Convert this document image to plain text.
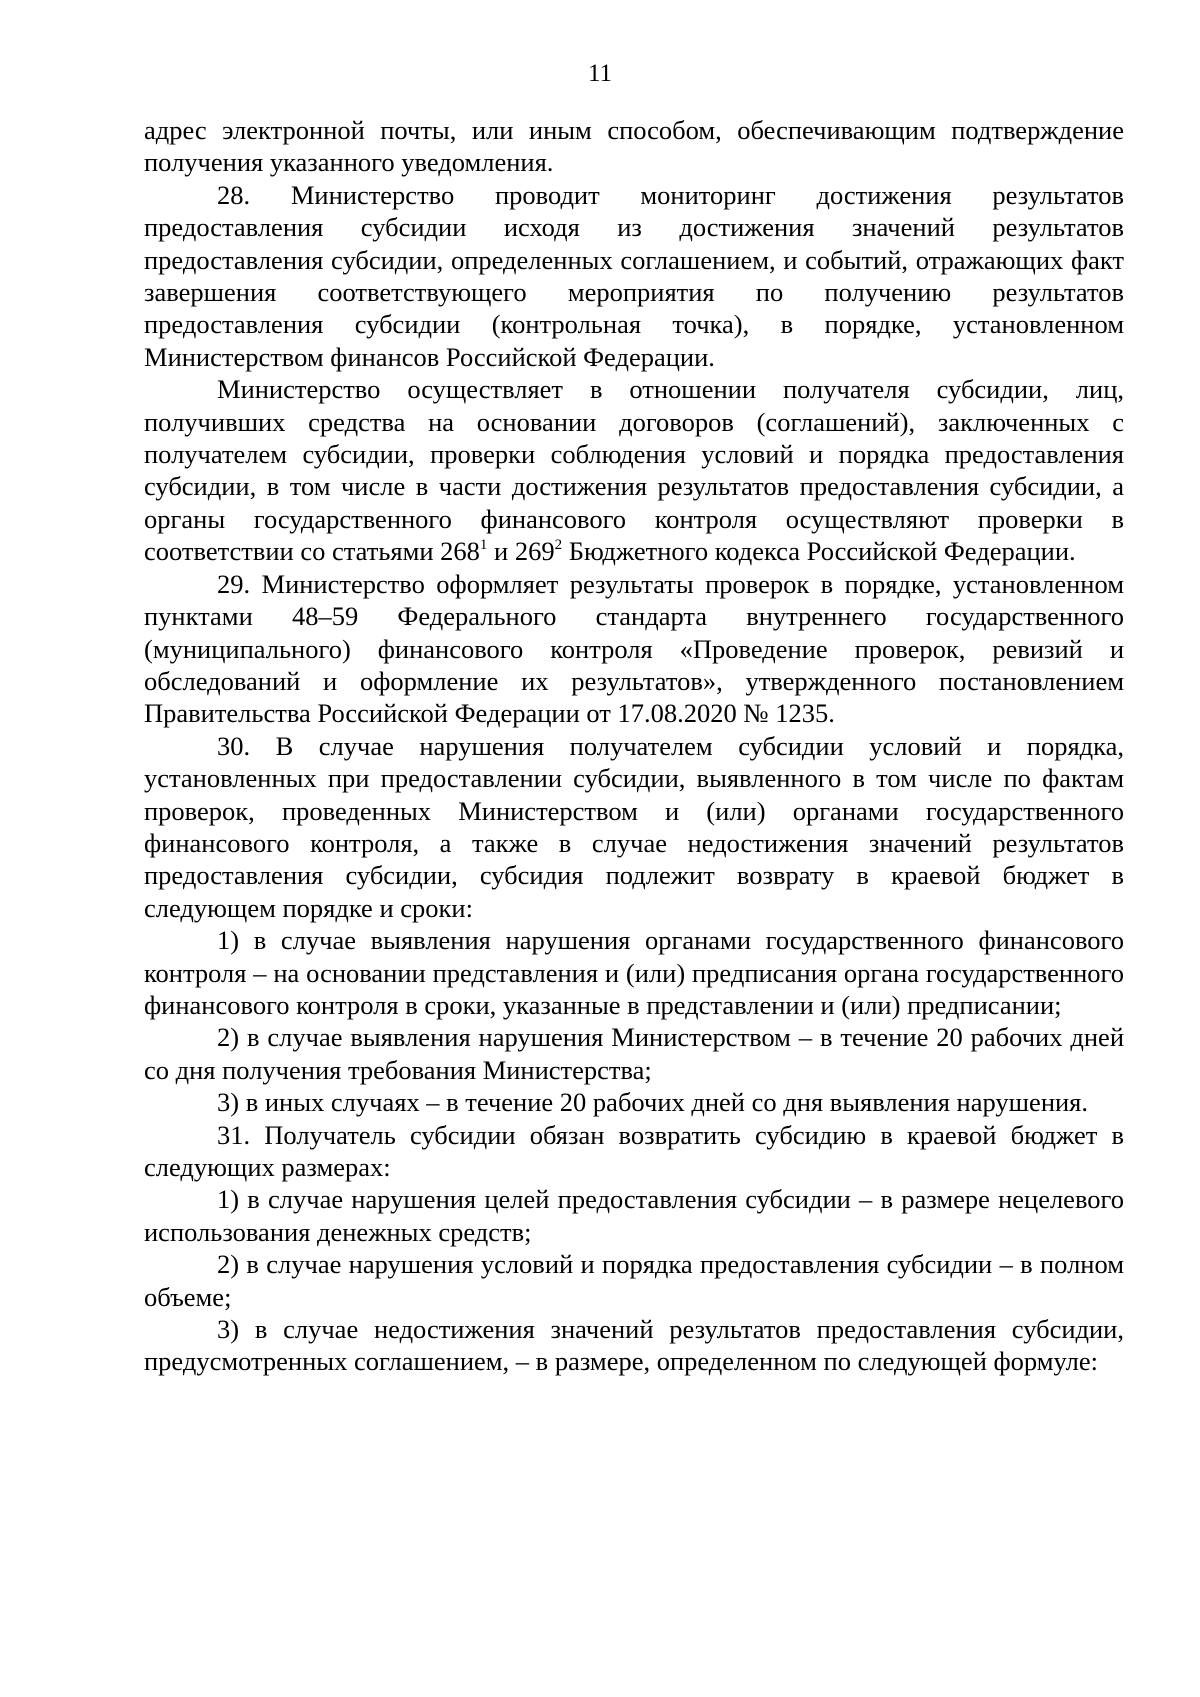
11

адрес электронной почты, или иным способом, обеспечивающим подтверждение получения указанного уведомления.

28. Министерство проводит мониторинг достижения результатов предоставления субсидии исходя из достижения значений результатов предоставления субсидии, определенных соглашением, и событий, отражающих факт завершения соответствующего мероприятия по получению результатов предоставления субсидии (контрольная точка), в порядке, установленном Министерством финансов Российской Федерации.

Министерство осуществляет в отношении получателя субсидии, лиц, получивших средства на основании договоров (соглашений), заключенных с получателем субсидии, проверки соблюдения условий и порядка предоставления субсидии, в том числе в части достижения результатов предоставления субсидии, а органы государственного финансового контроля осуществляют проверки в соответствии со статьями $268^1$ и $269^2$ Бюджетного кодекса Российской Федерации.

29. Министерство оформляет результаты проверок в порядке, установленном пунктами 48–59 Федерального стандарта внутреннего государственного (муниципального) финансового контроля «Проведение проверок, ревизий и обследований и оформление их результатов», утвержденного постановлением Правительства Российской Федерации от 17.08.2020 № 1235.

30. В случае нарушения получателем субсидии условий и порядка, установленных при предоставлении субсидии, выявленного в том числе по фактам проверок, проведенных Министерством и (или) органами государственного финансового контроля, а также в случае недостижения значений результатов предоставления субсидии, субсидия подлежит возврату в краевой бюджет в следующем порядке и сроки:

1) в случае выявления нарушения органами государственного финансового контроля – на основании представления и (или) предписания органа государственного финансового контроля в сроки, указанные в представлении и (или) предписании;

2) в случае выявления нарушения Министерством – в течение 20 рабочих дней со дня получения требования Министерства;

3) в иных случаях – в течение 20 рабочих дней со дня выявления нарушения.

31. Получатель субсидии обязан возвратить субсидию в краевой бюджет в следующих размерах:

1) в случае нарушения целей предоставления субсидии – в размере нецелевого использования денежных средств;

2) в случае нарушения условий и порядка предоставления субсидии – в полном объеме;

3) в случае недостижения значений результатов предоставления субсидии, предусмотренных соглашением, – в размере, определенном по следующей формуле:
